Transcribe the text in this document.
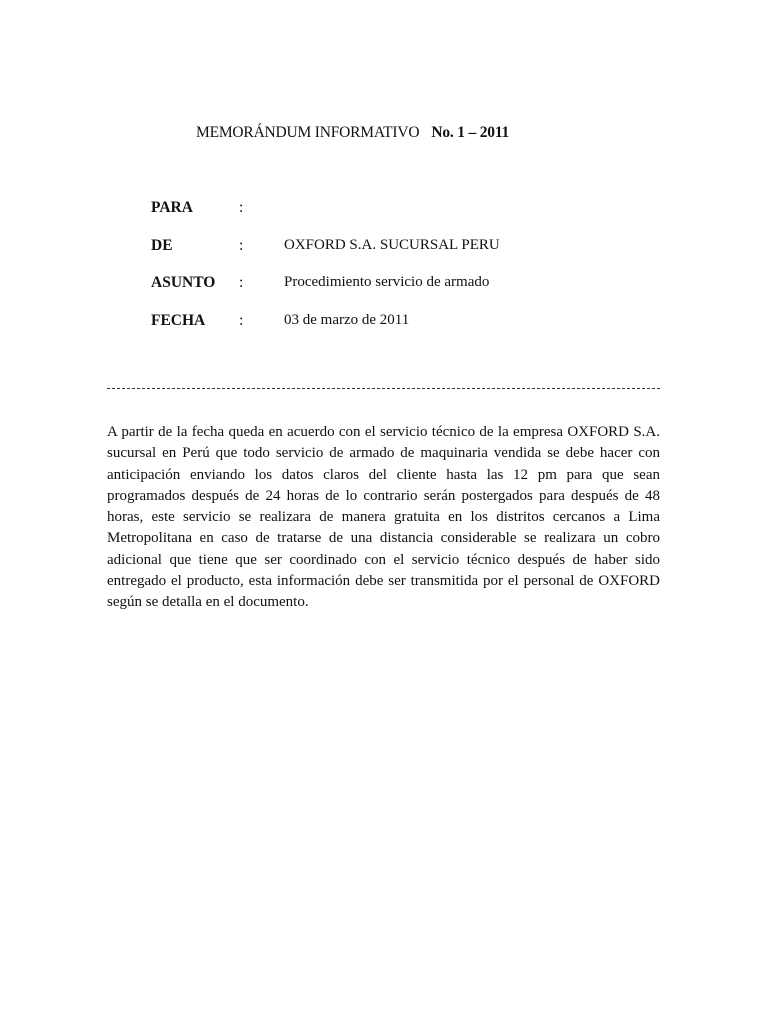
MEMORÁNDUM INFORMATIVO No. 1 – 2011
PARA	:
DE	:	OXFORD S.A. SUCURSAL PERU
ASUNTO :	Procedimiento servicio de armado
FECHA :	03 de marzo de 2011

A partir de la fecha queda en acuerdo con el servicio técnico de la empresa OXFORD S.A. sucursal en Perú que todo servicio de armado de maquinaria vendida se debe hacer con anticipación enviando los datos claros del cliente hasta las 12 pm para que sean programados después de 24 horas de lo contrario serán postergados para después de 48 horas, este servicio se realizara de manera gratuita en los distritos cercanos a Lima Metropolitana en caso de tratarse de una distancia considerable se realizara un cobro adicional que tiene que ser coordinado con el servicio técnico después de haber sido entregado el producto, esta información debe ser transmitida por el personal de OXFORD según se detalla en el documento.
